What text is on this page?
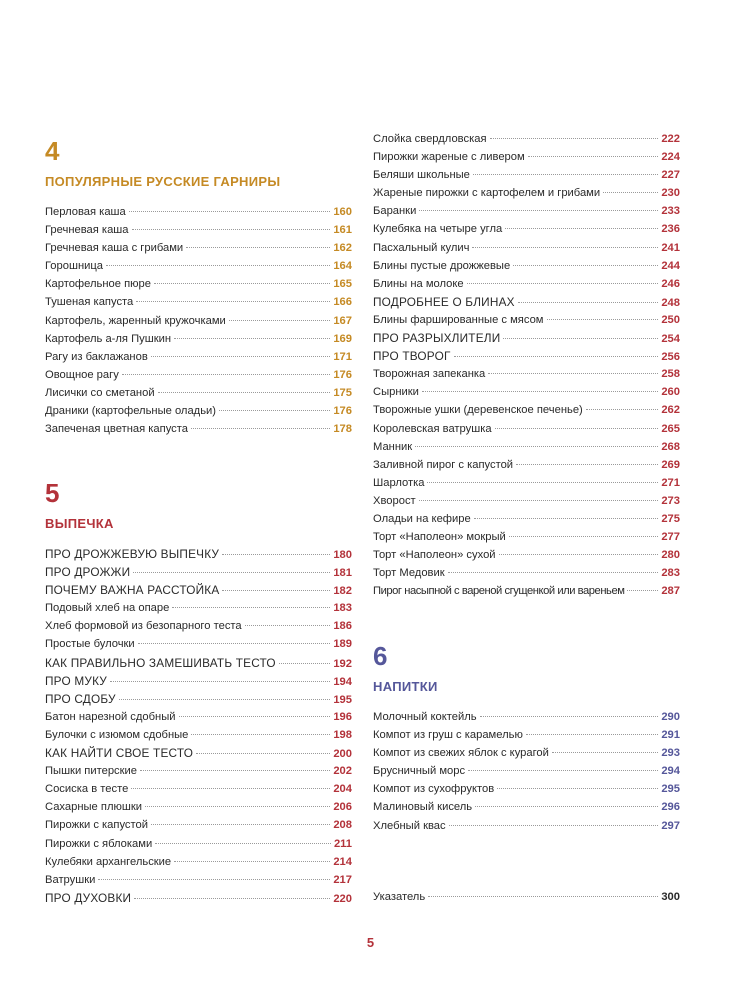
4
ПОПУЛЯРНЫЕ РУССКИЕ ГАРНИРЫ
Перловая каша	160
Гречневая каша	161
Гречневая каша с грибами	162
Горошница	164
Картофельное пюре	165
Тушеная капуста	166
Картофель, жаренный кружочками	167
Картофель а-ля Пушкин	169
Рагу из баклажанов	171
Овощное рагу	176
Лисички со сметаной	175
Драники (картофельные оладьи)	176
Запеченая цветная капуста	178
5
ВЫПЕЧКА
ПРО ДРОЖЖЕВУЮ ВЫПЕЧКУ	180
ПРО ДРОЖЖИ	181
ПОЧЕМУ ВАЖНА РАССТОЙКА	182
Подовый хлеб на опаре	183
Хлеб формовой из безопарного теста	186
Простые булочки	189
КАК ПРАВИЛЬНО ЗАМЕШИВАТЬ ТЕСТО	192
ПРО МУКУ	194
ПРО СДОБУ	195
Батон нарезной сдобный	196
Булочки с изюмом сдобные	198
КАК НАЙТИ СВОЕ ТЕСТО	200
Пышки питерские	202
Сосиска в тесте	204
Сахарные плюшки	206
Пирожки с капустой	208
Пирожки с яблоками	211
Кулебяки архангельские	214
Ватрушки	217
ПРО ДУХОВКИ	220
Слойка свердловская	222
Пирожки жареные с ливером	224
Беляши школьные	227
Жареные пирожки с картофелем и грибами	230
Баранки	233
Кулебяка на четыре угла	236
Пасхальный кулич	241
Блины пустые дрожжевые	244
Блины на молоке	246
ПОДРОБНЕЕ О БЛИНАХ	248
Блины фаршированные с мясом	250
ПРО РАЗРЫХЛИТЕЛИ	254
ПРО ТВОРОГ	256
Творожная запеканка	258
Сырники	260
Творожные ушки (деревенское печенье)	262
Королевская ватрушка	265
Манник	268
Заливной пирог с капустой	269
Шарлотка	271
Хворост	273
Оладьи на кефире	275
Торт «Наполеон» мокрый	277
Торт «Наполеон» сухой	280
Торт Медовик	283
Пирог насыпной с вареной сгущенкой или вареньем	287
6
НАПИТКИ
Молочный коктейль	290
Компот из груш с карамелью	291
Компот из свежих яблок с курагой	293
Брусничный морс	294
Компот из сухофруктов	295
Малиновый кисель	296
Хлебный квас	297
Указатель	300
5
